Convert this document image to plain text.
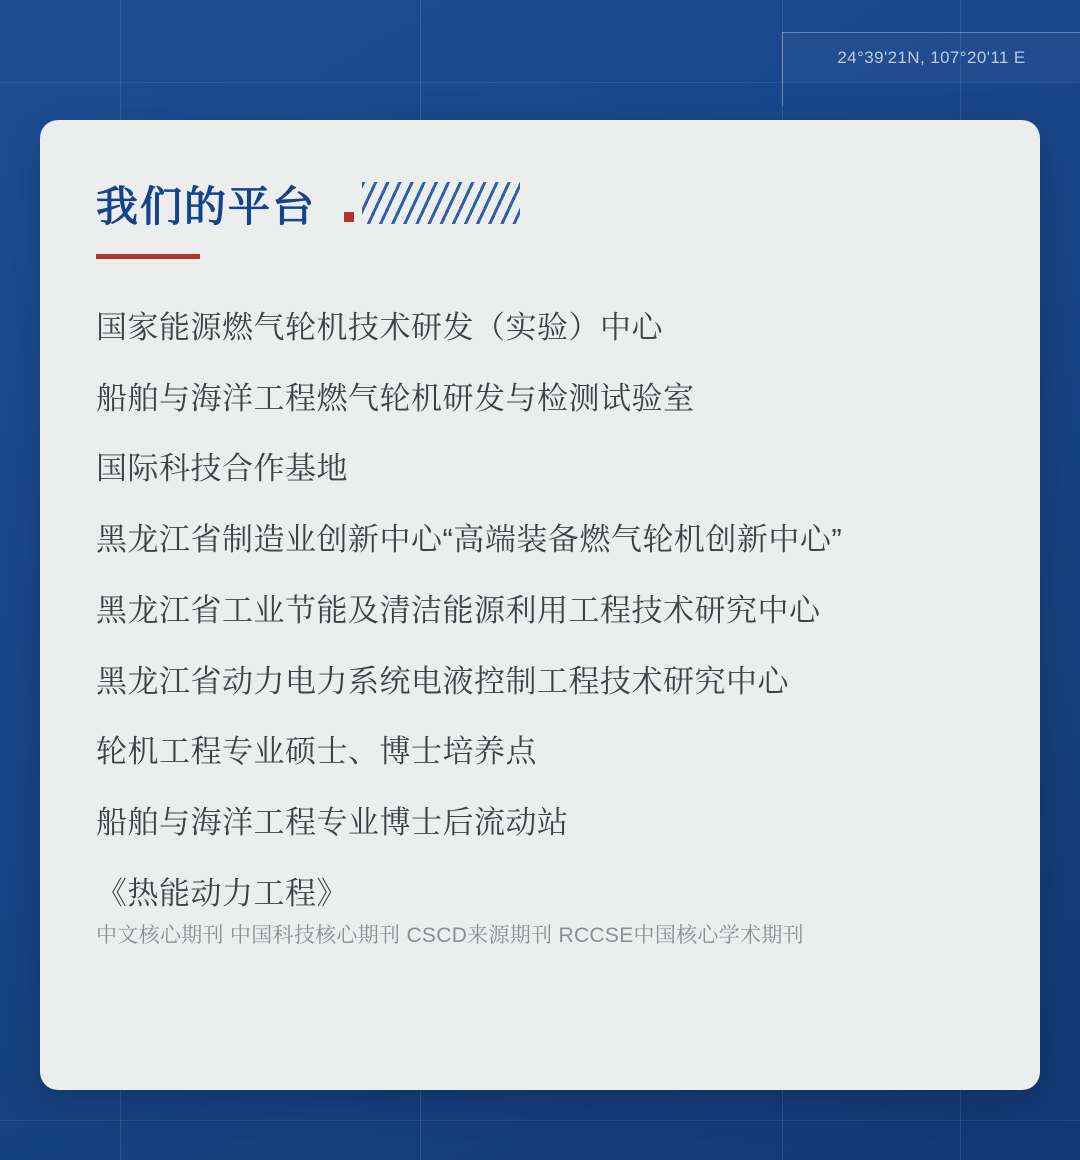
24°39'21N, 107°20'11 E
我们的平台
国家能源燃气轮机技术研发（实验）中心
船舶与海洋工程燃气轮机研发与检测试验室
国际科技合作基地
黑龙江省制造业创新中心“高端装备燃气轮机创新中心”
黑龙江省工业节能及清洁能源利用工程技术研究中心
黑龙江省动力电力系统电液控制工程技术研究中心
轮机工程专业硕士、博士培养点
船舶与海洋工程专业博士后流动站
《热能动力工程》
中文核心期刊 中国科技核心期刊 CSCD来源期刊 RCCSE中国核心学术期刊
